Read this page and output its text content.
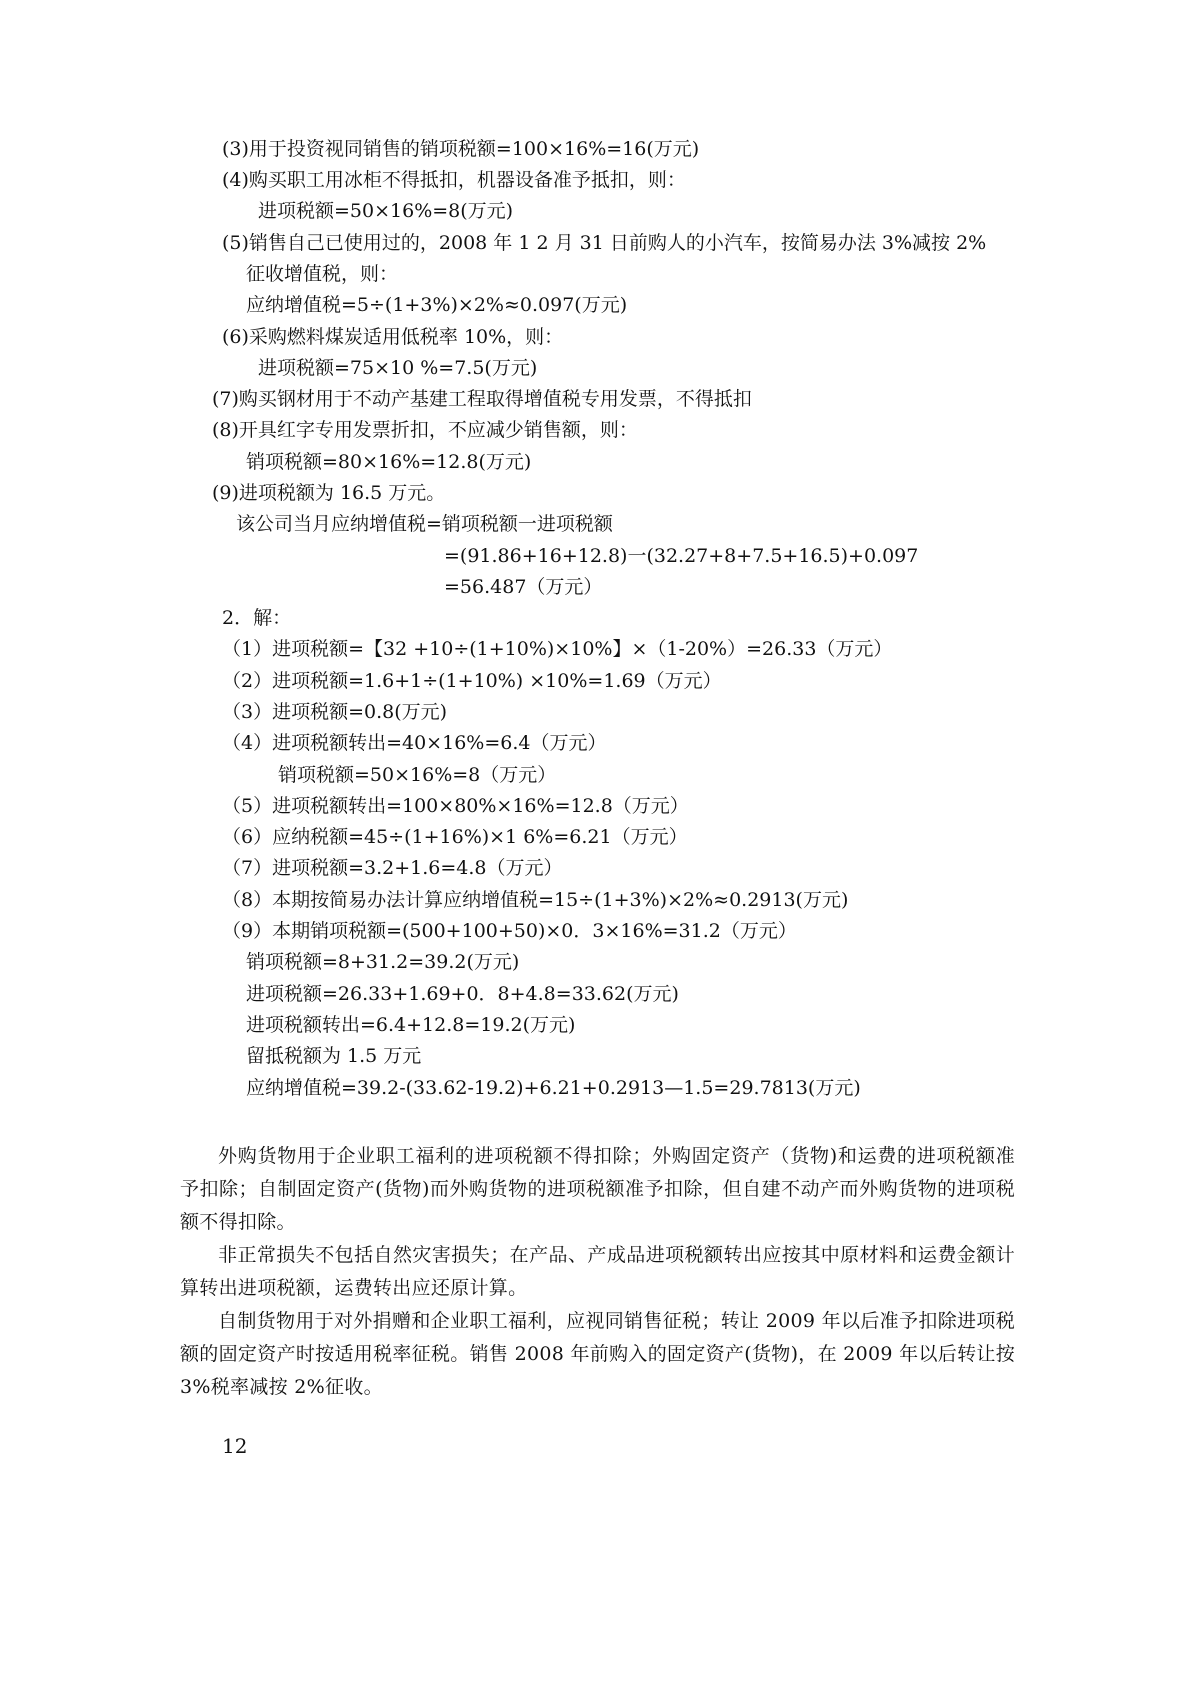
(3)用于投资视同销售的销项税额=100×16%=16(万元)
(4)购买职工用冰柜不得抵扣，机器设备准予抵扣，则：
进项税额=50×16%=8(万元)
(5)销售自己已使用过的，2008 年 1 2 月 31 日前购人的小汽车，按简易办法 3%减按 2%
征收增值税，则：
应纳增值税=5÷(1+3%)×2%≈0.097(万元)
(6)采购燃料煤炭适用低税率 10%，则：
进项税额=75×10 %=7.5(万元)
(7)购买钢材用于不动产基建工程取得增值税专用发票，不得抵扣
(8)开具红字专用发票折扣，不应减少销售额，则：
销项税额=80×16%=12.8(万元)
(9)进项税额为 16.5 万元。
该公司当月应纳增值税=销项税额一进项税额
=(91.86+16+12.8)一(32.27+8+7.5+16.5)+0.097
=56.487（万元）
2．解：
（1）进项税额=【32 +10÷(1+10%)×10%】×（1-20%）=26.33（万元）
（2）进项税额=1.6+1÷(1+10%) ×10%=1.69（万元）
（3）进项税额=0.8(万元)
（4）进项税额转出=40×16%=6.4（万元）
销项税额=50×16%=8（万元）
（5）进项税额转出=100×80%×16%=12.8（万元）
（6）应纳税额=45÷(1+16%)×1 6%=6.21（万元）
（7）进项税额=3.2+1.6=4.8（万元）
（8）本期按简易办法计算应纳增值税=15÷(1+3%)×2%≈0.2913(万元)
（9）本期销项税额=(500+100+50)×0．3×16%=31.2（万元）
销项税额=8+31.2=39.2(万元)
进项税额=26.33+1.69+0．8+4.8=33.62(万元)
进项税额转出=6.4+12.8=19.2(万元)
留抵税额为 1.5 万元
应纳增值税=39.2-(33.62-19.2)+6.21+0.2913—1.5=29.7813(万元)
外购货物用于企业职工福利的进项税额不得扣除；外购固定资产（货物)和运费的进项税额准予扣除；自制固定资产(货物)而外购货物的进项税额准予扣除，但自建不动产而外购货物的进项税额不得扣除。
非正常损失不包括自然灾害损失；在产品、产成品进项税额转出应按其中原材料和运费金额计算转出进项税额，运费转出应还原计算。
自制货物用于对外捐赠和企业职工福利，应视同销售征税；转让 2009 年以后准予扣除进项税额的固定资产时按适用税率征税。销售 2008 年前购入的固定资产(货物)，在 2009 年以后转让按 3%税率减按 2%征收。
12
